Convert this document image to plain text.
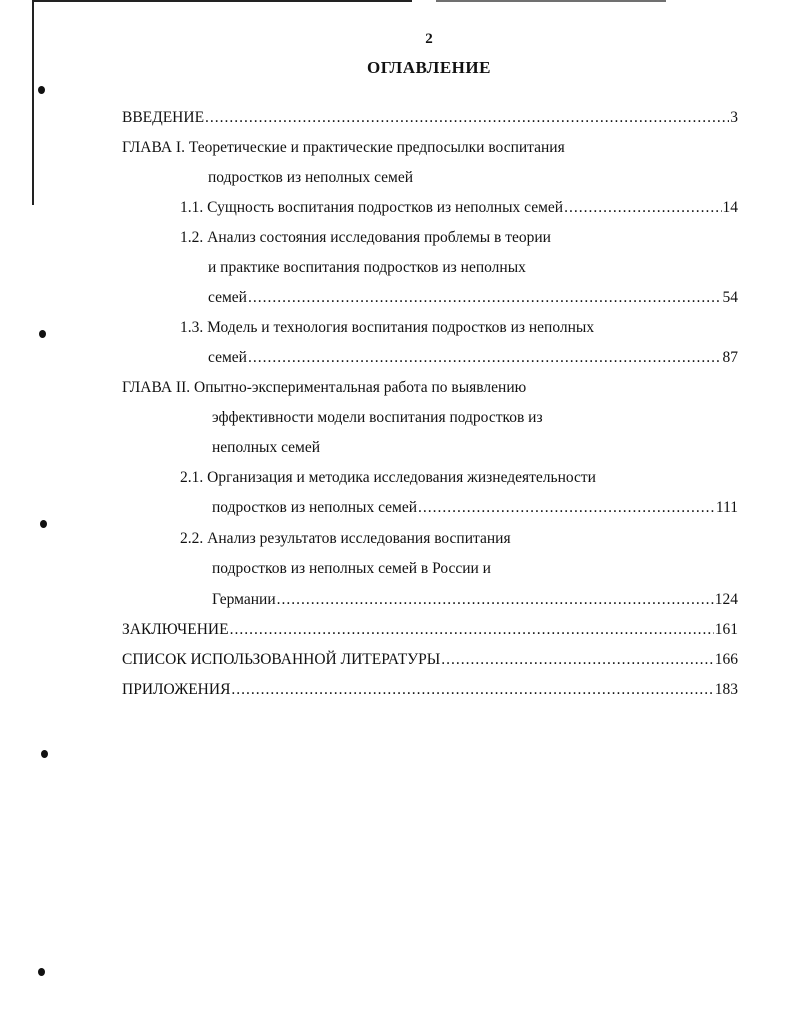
2
ОГЛАВЛЕНИЕ
ВВЕДЕНИЕ .....	3
ГЛАВА I. Теоретические и практические предпосылки воспитания
подростков из неполных семей
1.1. Сущность воспитания подростков из неполных семей .....	14
1.2. Анализ состояния исследования проблемы в теории
и практике воспитания подростков из неполных
семей .....	54
1.3. Модель и технология воспитания подростков из неполных
семей .....	87
ГЛАВА II. Опытно-экспериментальная работа по выявлению
эффективности модели воспитания подростков из
неполных семей
2.1. Организация и методика исследования жизнедеятельности
подростков из неполных семей .....	111
2.2. Анализ результатов исследования воспитания
подростков из неполных семей в России и
Германии .....	124
ЗАКЛЮЧЕНИЕ .....	161
СПИСОК ИСПОЛЬЗОВАННОЙ ЛИТЕРАТУРЫ .....	166
ПРИЛОЖЕНИЯ .....	183
